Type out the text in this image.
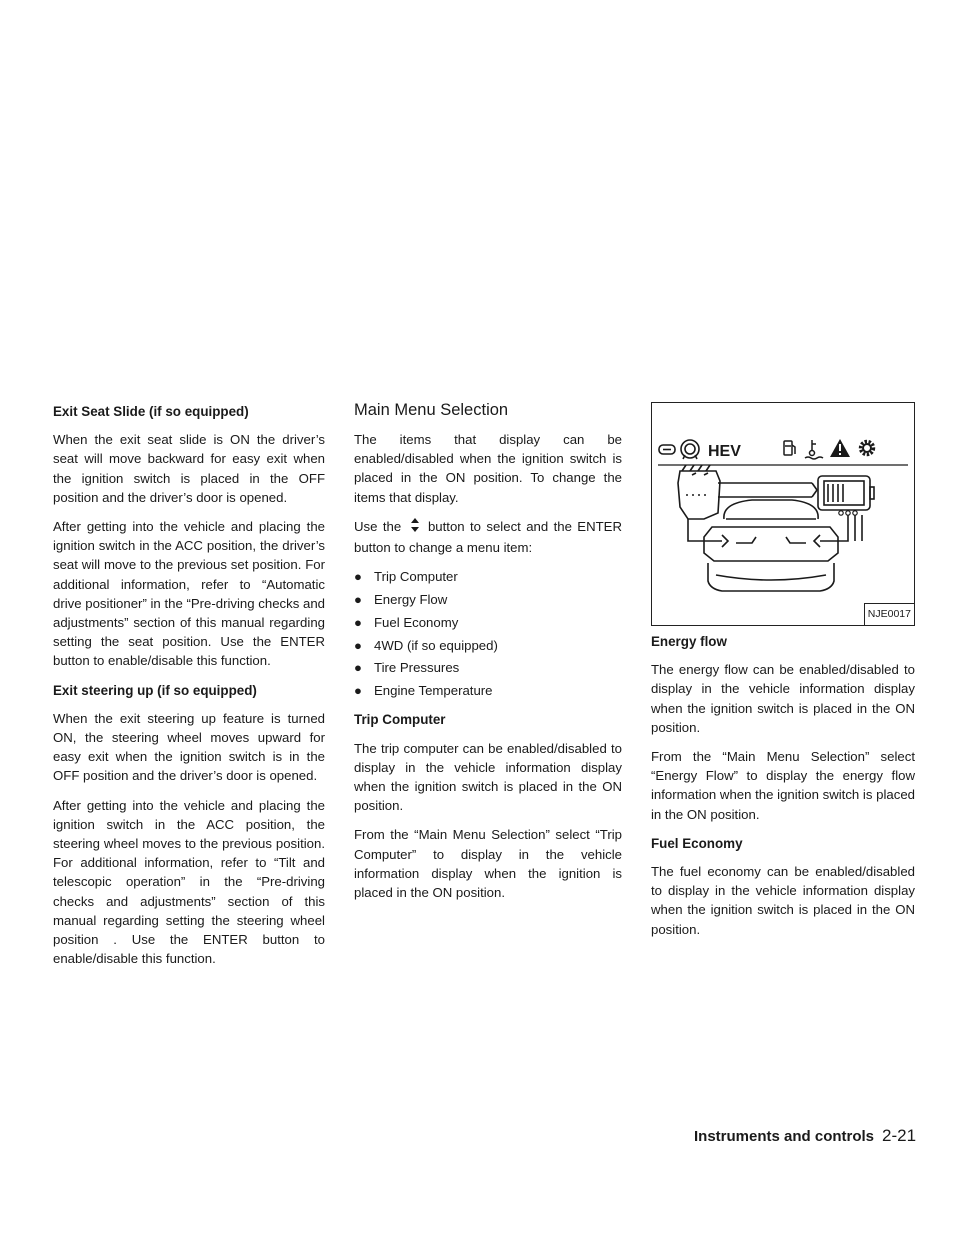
Exit Seat Slide (if so equipped)

When the exit seat slide is ON the driver’s seat will move backward for easy exit when the ignition switch is placed in the OFF position and the driver’s door is opened.

After getting into the vehicle and placing the ignition switch in the ACC position, the driver’s seat will move to the previous set position. For additional information, refer to “Automatic drive positioner” in the “Pre-driving checks and adjustments” section of this manual regarding setting the seat position. Use the ENTER button to enable/disable this function.

Exit steering up (if so equipped)

When the exit steering up feature is turned ON, the steering wheel moves upward for easy exit when the ignition switch is in the OFF position and the driver’s door is opened.

After getting into the vehicle and placing the ignition switch in the ACC position, the steering wheel moves to the previous position. For additional information, refer to “Tilt and telescopic operation” in the “Pre-driving checks and adjustments” section of this manual regarding setting the steering wheel position . Use the ENTER button to enable/disable this function.

Main Menu Selection

The items that display can be enabled/disabled when the ignition switch is placed in the ON position. To change the items that display.

Use the button to select and the ENTER button to change a menu item:

● Trip Computer
● Energy Flow
● Fuel Economy
● 4WD (if so equipped)
● Tire Pressures
● Engine Temperature
Trip Computer

The trip computer can be enabled/disabled to display in the vehicle information display when the ignition switch is placed in the ON position.

From the “Main Menu Selection” select “Trip Computer” to display in the vehicle information display when the ignition is placed in the ON position.

HEV
NJE0017
Energy flow

The energy flow can be enabled/disabled to display in the vehicle information display when the ignition switch is placed in the ON position.

From the “Main Menu Selection” select “Energy Flow” to display the energy flow information when the ignition switch is placed in the ON position.

Fuel Economy

The fuel economy can be enabled/disabled to display in the vehicle information display when the ignition switch is placed in the ON position.

Instruments and controls 2-21
